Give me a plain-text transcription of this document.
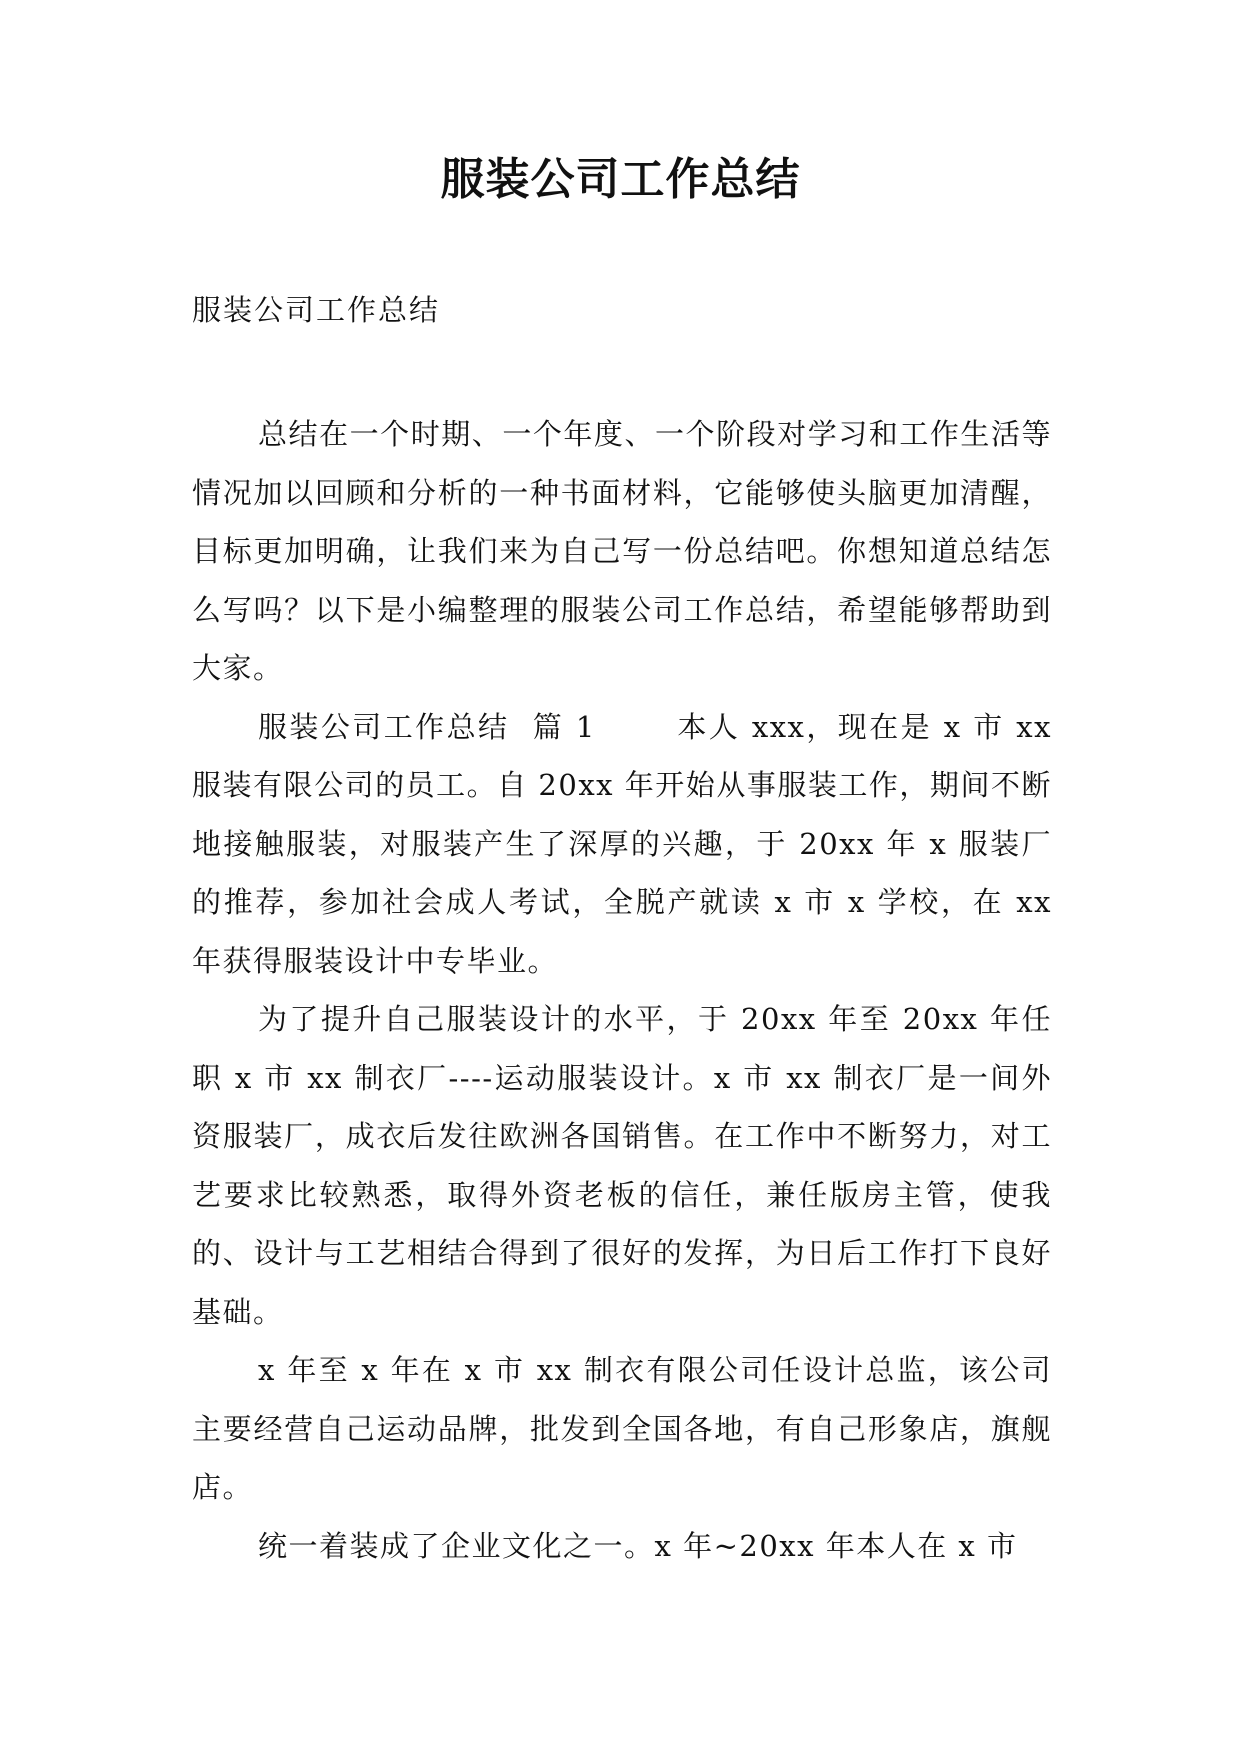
服装公司工作总结

服装公司工作总结

总结在一个时期、一个年度、一个阶段对学习和工作生活等情况加以回顾和分析的一种书面材料，它能够使头脑更加清醒，目标更加明确，让我们来为自己写一份总结吧。你想知道总结怎么写吗？以下是小编整理的服装公司工作总结，希望能够帮助到大家。

服装公司工作总结  篇 1       本人 xxx，现在是 x 市 xx 服装有限公司的员工。自 20xx 年开始从事服装工作，期间不断地接触服装，对服装产生了深厚的兴趣，于 20xx 年 x 服装厂的推荐，参加社会成人考试，全脱产就读 x 市 x 学校，在 xx 年获得服装设计中专毕业。

为了提升自己服装设计的水平，于 20xx 年至 20xx 年任职 x 市 xx 制衣厂----运动服装设计。x 市 xx 制衣厂是一间外资服装厂，成衣后发往欧洲各国销售。在工作中不断努力，对工艺要求比较熟悉，取得外资老板的信任，兼任版房主管，使我的、设计与工艺相结合得到了很好的发挥，为日后工作打下良好基础。

x 年至 x 年在 x 市 xx 制衣有限公司任设计总监，该公司主要经营自己运动品牌，批发到全国各地，有自己形象店，旗舰店。

统一着装成了企业文化之一。x 年~20xx 年本人在 x 市
